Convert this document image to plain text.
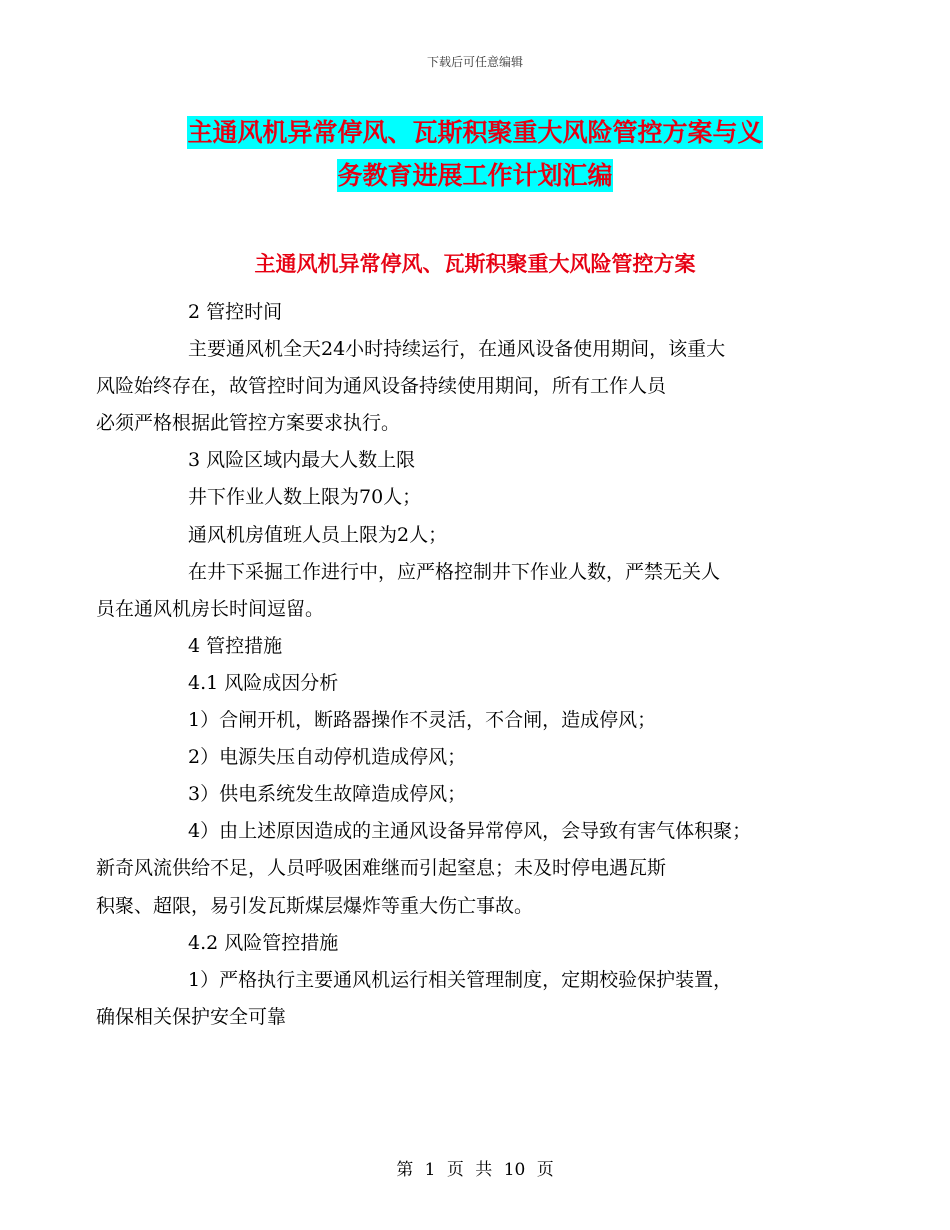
下载后可任意编辑
主通风机异常停风、瓦斯积聚重大风险管控方案与义
务教育进展工作计划汇编
主通风机异常停风、瓦斯积聚重大风险管控方案

2 管控时间

主要通风机全天24小时持续运行，在通风设备使用期间，该重大
风险始终存在，故管控时间为通风设备持续使用期间，所有工作人员
必须严格根据此管控方案要求执行。

3 风险区域内最大人数上限

井下作业人数上限为70人；

通风机房值班人员上限为2人；

在井下采掘工作进行中，应严格控制井下作业人数，严禁无关人
员在通风机房长时间逗留。

4 管控措施

4.1 风险成因分析

1）合闸开机，断路器操作不灵活，不合闸，造成停风；

2）电源失压自动停机造成停风；

3）供电系统发生故障造成停风；

4）由上述原因造成的主通风设备异常停风，会导致有害气体积聚；
新奇风流供给不足，人员呼吸困难继而引起窒息；未及时停电遇瓦斯
积聚、超限，易引发瓦斯煤层爆炸等重大伤亡事故。

4.2 风险管控措施

1）严格执行主要通风机运行相关管理制度，定期校验保护装置，
确保相关保护安全可靠

第 1 页 共 10 页
